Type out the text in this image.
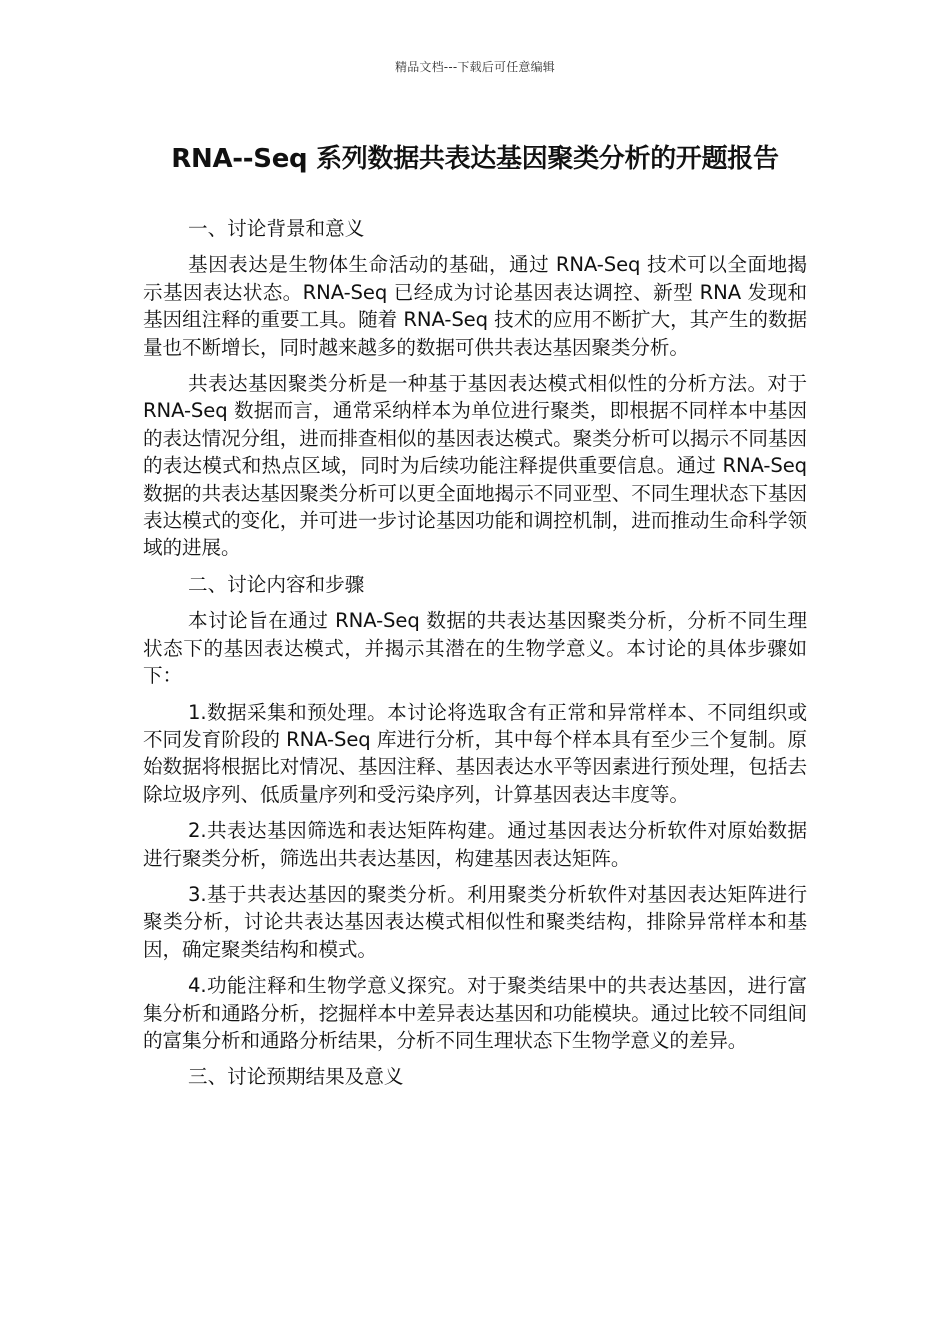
精品文档---下载后可任意编辑
RNA--Seq 系列数据共表达基因聚类分析的开题报告

一、讨论背景和意义

基因表达是生物体生命活动的基础，通过 RNA-Seq 技术可以全面地揭示基因表达状态。RNA-Seq 已经成为讨论基因表达调控、新型 RNA 发现和基因组注释的重要工具。随着 RNA-Seq 技术的应用不断扩大，其产生的数据量也不断增长，同时越来越多的数据可供共表达基因聚类分析。

共表达基因聚类分析是一种基于基因表达模式相似性的分析方法。对于 RNA-Seq 数据而言，通常采纳样本为单位进行聚类，即根据不同样本中基因的表达情况分组，进而排查相似的基因表达模式。聚类分析可以揭示不同基因的表达模式和热点区域，同时为后续功能注释提供重要信息。通过 RNA-Seq 数据的共表达基因聚类分析可以更全面地揭示不同亚型、不同生理状态下基因表达模式的变化，并可进一步讨论基因功能和调控机制，进而推动生命科学领域的进展。

二、讨论内容和步骤

本讨论旨在通过 RNA-Seq 数据的共表达基因聚类分析，分析不同生理状态下的基因表达模式，并揭示其潜在的生物学意义。本讨论的具体步骤如下：

1.数据采集和预处理。本讨论将选取含有正常和异常样本、不同组织或不同发育阶段的 RNA-Seq 库进行分析，其中每个样本具有至少三个复制。原始数据将根据比对情况、基因注释、基因表达水平等因素进行预处理，包括去除垃圾序列、低质量序列和受污染序列，计算基因表达丰度等。

2.共表达基因筛选和表达矩阵构建。通过基因表达分析软件对原始数据进行聚类分析，筛选出共表达基因，构建基因表达矩阵。

3.基于共表达基因的聚类分析。利用聚类分析软件对基因表达矩阵进行聚类分析，讨论共表达基因表达模式相似性和聚类结构，排除异常样本和基因，确定聚类结构和模式。

4.功能注释和生物学意义探究。对于聚类结果中的共表达基因，进行富集分析和通路分析，挖掘样本中差异表达基因和功能模块。通过比较不同组间的富集分析和通路分析结果，分析不同生理状态下生物学意义的差异。

三、讨论预期结果及意义
